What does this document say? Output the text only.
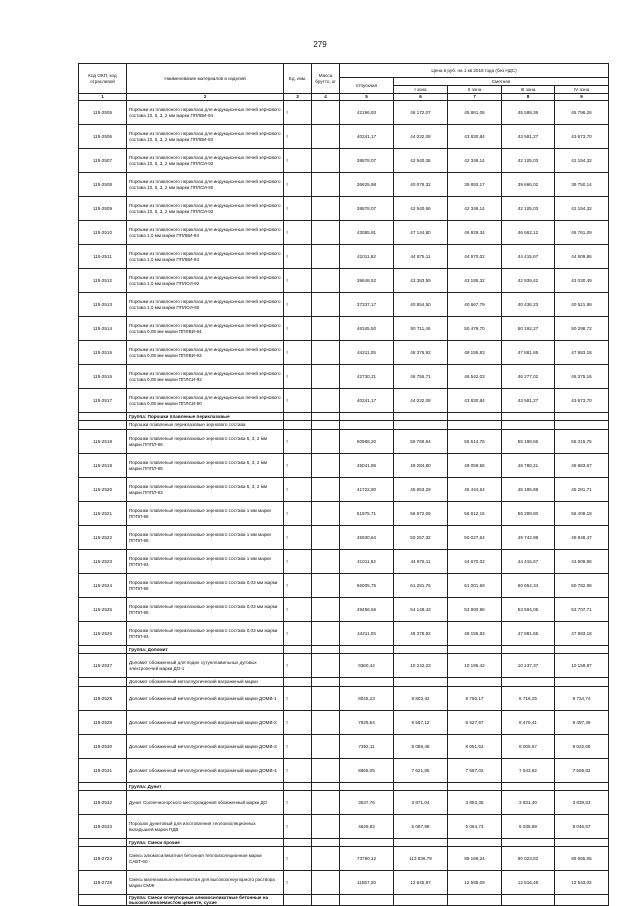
279
Код ОКП, код отраслевой	Наименование материалов и изделий	Ед. изм.	Масса брутто, кг	Цена в руб. на 1 кв 2018 года (без НДС)				
				отпускная	Сметная			
					I зона	II зона	III зона	IV зона
1	2	3	4	5	6	7	8	9
115-2505	Порошки из плавленого периклаза для индукционных печей зернового состава 10, 5, 3, 2 мм марки ППЛВИ-94	т		42196,93	46 172,07	45 861,06	45 599,36	45 796,26
115-2506	Порошки из плавленого периклаза для индукционных печей зернового состава 10, 5, 3, 2 мм марки ППЛВИ-93	т		40241,17	44 032,08	43 830,84	43 581,27	43 673,70
115-2507	Порошки из плавленого периклаза для индукционных печей зернового состава 10, 5, 3, 2 мм марки ППЛСИ-92	т		38878,07	42 540,36	42 346,14	42 105,03	42 194,32
115-2508	Порошки из плавленого периклаза для индукционных печей зернового состава 10, 5, 3, 2 мм марки ППЛСИ-90	т		36625,98	40 076,32	39 893,17	39 666,02	39 750,14
115-2509	Порошки из плавленого периклаза для индукционных печей зернового состава 10, 5, 3, 2 мм марки ППЛСИ-92	т		38878,07	42 540,56	42 346,14	42 105,03	42 194,32
115-2510	Порошки из плавленого периклаза для индукционных печей зернового состава 1,0 мм марки ППЛВИ-94	т		43085,91	47 144,80	46 929,34	46 662,12	46 761,09
115-2511	Порошки из плавленого периклаза для индукционных печей зернового состава 1,0 мм марки ППЛВИ-93	т		41011,62	44 875,11	44 670,02	44 415,67	44 509,86
115-2512	Порошки из плавленого периклаза для индукционных печей зернового состава 1,0 мм марки ППЛСИ-92	т		39648,52	43 383,59	43 185,32	42 939,42	43 030,49
115-2513	Порошки из плавленого периклаза для индукционных печей зернового состава 1,0 мм марки ППЛСИ-90	т		37337,17	40 854,50	40 667,79	40 436,23	40 521,99
115-2514	Порошки из плавленого периклаза для индукционных печей зернового состава 0,08 мм марки ППЛВИ-94	т		46345,50	50 711,46	50 479,70	50 192,27	50 298,72
115-2515	Порошки из плавленого периклаза для индукционных печей зернового состава 0,08 мм марки ППЛВИ-93	т		44211,05	48 376,92	48 155,83	47 881,65	47 983,18
115-2516	Порошки из плавленого периклаза для индукционных печей зернового состава 0,08 мм марки ППЛСИ-92	т		42730,31	46 755,71	46 542,03	46 277,02	46 375,16
115-2517	Порошки из плавленого периклаза для индукционных печей зернового состава 0,08 мм марки ППЛСИ-90	т		40241,17	44 032,08	43 830,84	43 581,27	43 673,70
	Группа: Порошки плавленые периклазовые							
	Порошки плавленые периклазовые зернового состава							
115-2518	Порошки плавленые периклазовые зернового состава 5, 3, 2 мм марки ПППЛ-96	т		50968,20	55 769,64	55 514,76	55 198,66	55 315,75
115-2519	Порошки плавленые периклазовые зернового состава 5, 3, 2 мм марки ПППЛ-95	т		45041,86	49 284,80	49 059,56	48 780,21	48 883,67
115-2520	Порошки плавленые периклазовые зернового состава 5, 3, 2 мм марки ПППЛ-93	т		41722,80	45 653,29	45 444,64	45 185,88	45 281,71
115-2521	Порошки плавленые периклазовые зернового состава 1 мм марки ПППЛ-96	т		51975,71	56 872,06	56 612,15	56 289,80	56 409,18
115-2522	Порошки плавленые периклазовые зернового состава 1 мм марки ПППЛ-95	т		45930,64	50 257,32	50 027,64	49 742,98	49 848,47
115-2523	Порошки плавленые периклазовые зернового состава 1 мм марки ПППЛ-93	т		41011,62	44 875,11	44 670,02	44 415,67	44 509,86
115-2524	Порошки плавленые периклазовые зернового состава 0,03 мм марки ПППЛ-96	т		56005,75	61 281,76	61 001,69	60 654,34	60 782,98
115-2525	Порошки плавленые периклазовые зернового состава 0,03 мм марки ПППЛ-95	т		49456,56	54 148,43	53 900,96	53 594,05	53 707,71
115-2526	Порошки плавленые периклазовые зернового состава 0,03 мм марки ПППЛ-93	т		44211,05	48 376,92	48 155,83	47 881,65	47 983,18
	Группа: Доломит							
115-2527	Доломит обожженный для подин сутунплавильных дуговых электропечей марки ДО-1	т		9360,44	10 242,23	10 195,42	10 137,37	10 158,87
	Доломит обожженный металлургический вагранжный марки							
115-2528	Доломит обожженный металлургический вагранжный марки ДОМВ-1	т		8045,23	8 803,42	8 766,17	8 716,25	8 734,74
115-2529	Доломит обожженный металлургический вагранжный марки ДОМВ-2	т		7829,54	8 567,12	8 527,97	8 479,41	8 497,39
115-2530	Доломит обожженный металлургический вагранжный марки ДОМВ-3	т		7392,11	8 088,48	8 051,52	8 005,67	8 022,65
115-2531	Доломит обожженный металлургический вагранжный марки ДОМВ-4	т		6965,05	7 621,85	7 587,02	7 543,82	7 559,82
	Группа: Дунит							
115-2532	Дунит Солнечногорского месторождения обожженный марки ДО	т		3537,76	3 871,04	3 853,35	3 831,40	3 839,53
115-2533	Порошок дунитовый для изготовления теплоизоляционных вкладышей марки ПДВ	т		4649,93	5 087,98	5 064,73	5 035,89	5 046,57
	Группа: Смеси прочие							
115-2723	Смесь алюмосиликатная бетонная теплоизоляционная марки САБТ-60	т		73790,12	113 836,79	95 169,24	90 023,82	96 665,05
115-2728	Смесь магнезиально-железистая для высокоогнеупорного раствора марки СМЖ	т		11557,20	12 645,87	12 588,09	12 516,45	12 543,02
	Группа: Смеси огнеупорные алюмосиликатные бетонные на высокоглиноземистом цементе, сухие							
